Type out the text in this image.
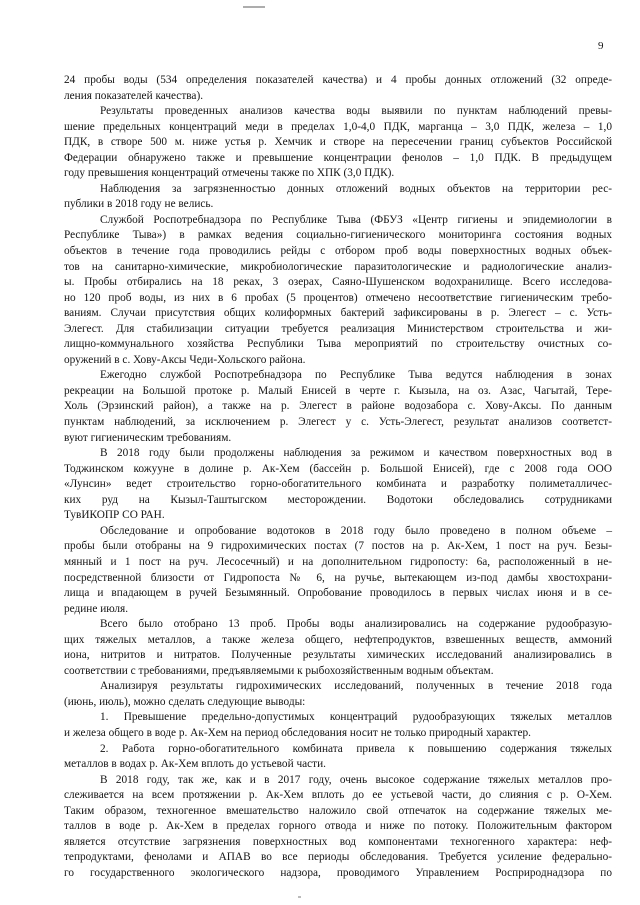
9

24 пробы воды (534 определения показателей качества) и 4 пробы донных отложений (32 опреде-
ления показателей качества).

Результаты проведенных анализов качества воды выявили по пунктам наблюдений превы-
шение предельных концентраций меди в пределах 1,0-4,0 ПДК, марганца – 3,0 ПДК, железа – 1,0
ПДК, в створе 500 м. ниже устья р. Хемчик и створе на пересечении границ субъектов Российской
Федерации обнаружено также и превышение концентрации фенолов – 1,0 ПДК. В предыдущем
году превышения концентраций отмечены также по ХПК (3,0 ПДК).

Наблюдения за загрязненностью донных отложений водных объектов на территории рес-
публики в 2018 году не велись.

Службой Роспотребнадзора по Республике Тыва (ФБУЗ «Центр гигиены и эпидемиологии в
Республике Тыва») в рамках ведения социально-гигиенического мониторинга состояния водных
объектов в течение года проводились рейды с отбором проб воды поверхностных водных объек-
тов на санитарно-химические, микробиологические паразитологические и радиологические анализ-
ы. Пробы отбирались на 18 реках, 3 озерах, Саяно-Шушенском водохранилище. Всего исследова-
но 120 проб воды, из них в 6 пробах (5 процентов) отмечено несоответствие гигиеническим требо-
ваниям. Случаи присутствия общих колиформных бактерий зафиксированы в р. Элегест – с. Усть-
Элегест. Для стабилизации ситуации требуется реализация Министерством строительства и жи-
лищно-коммунального хозяйства Республики Тыва мероприятий по строительству очистных со-
оружений в с. Хову-Аксы Чеди-Хольского района.

Ежегодно службой Роспотребнадзора по Республике Тыва ведутся наблюдения в зонах
рекреации на Большой протоке р. Малый Енисей в черте г. Кызыла, на оз. Азас, Чагытай, Тере-
Холь (Эрзинский район), а также на р. Элегест в районе водозабора с. Хову-Аксы. По данным
пунктам наблюдений, за исключением р. Элегест у с. Усть-Элегест, результат анализов соответст-
вуют гигиеническим требованиям.

В 2018 году были продолжены наблюдения за режимом и качеством поверхностных вод в
Тоджинском кожууне в долине р. Ак-Хем (бассейн р. Большой Енисей), где с 2008 года ООО
«Лунсин» ведет строительство горно-обогатительного комбината и разработку полиметалличес-
ких руд на Кызыл-Таштыгском месторождении. Водотоки обследовались сотрудниками
ТувИКОПР СО РАН.

Обследование и опробование водотоков в 2018 году было проведено в полном объеме –
пробы были отобраны на 9 гидрохимических постах (7 постов на р. Ак-Хем, 1 пост на руч. Безы-
мянный и 1 пост на руч. Лесосечный) и на дополнительном гидропосту: 6а, расположенный в не-
посредственной близости от Гидропоста № 6, на ручье, вытекающем из-под дамбы хвостохрани-
лища и впадающем в ручей Безымянный. Опробование проводилось в первых числах июня и в се-
редине июля.

Всего было отобрано 13 проб. Пробы воды анализировались на содержание рудообразую-
щих тяжелых металлов, а также железа общего, нефтепродуктов, взвешенных веществ, аммоний
иона, нитритов и нитратов. Полученные результаты химических исследований анализировались в
соответствии с требованиями, предъявляемыми к рыбохозяйственным водным объектам.

Анализируя результаты гидрохимических исследований, полученных в течение 2018 года
(июнь, июль), можно сделать следующие выводы:

1. Превышение предельно-допустимых концентраций рудообразующих тяжелых металлов
и железа общего в воде р. Ак-Хем на период обследования носит не только природный характер.

2. Работа горно-обогатительного комбината привела к повышению содержания тяжелых
металлов в водах р. Ак-Хем вплоть до устьевой части.

В 2018 году, так же, как и в 2017 году, очень высокое содержание тяжелых металлов про-
слеживается на всем протяжении р. Ак-Хем вплоть до ее устьевой части, до слияния с р. О-Хем.
Таким образом, техногенное вмешательство наложило свой отпечаток на содержание тяжелых ме-
таллов в воде р. Ак-Хем в пределах горного отвода и ниже по потоку. Положительным фактором
является отсутствие загрязнения поверхностных вод компонентами техногенного характера: неф-
тепродуктами, фенолами и АПАВ во все периоды обследования. Требуется усиление федерально-
го государственного экологического надзора, проводимого Управлением Росприроднадзора по
